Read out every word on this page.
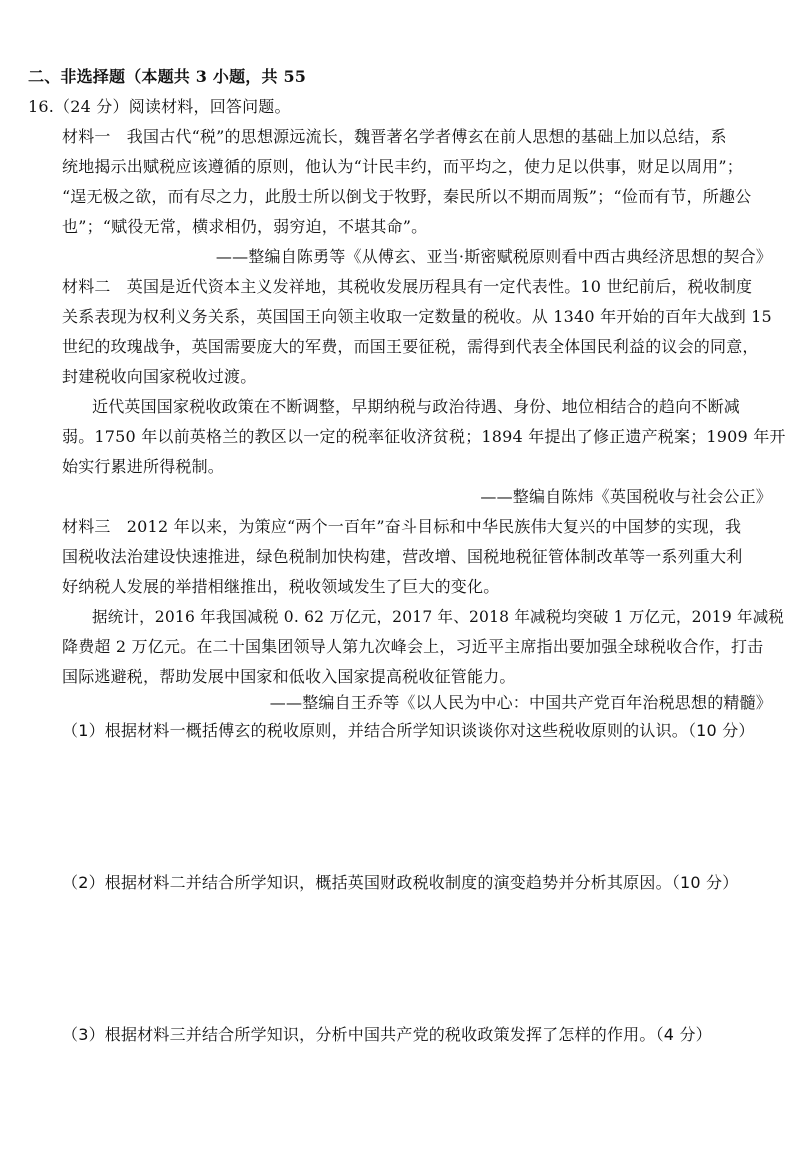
二、非选择题（本题共 3 小题，共 55

16.（24 分）阅读材料，回答问题。

材料一　我国古代“税”的思想源远流长，魏晋著名学者傅玄在前人思想的基础上加以总结，系

统地揭示出赋税应该遵循的原则，他认为“计民丰约，而平均之，使力足以供事，财足以周用”；

“逞无极之欲，而有尽之力，此殷士所以倒戈于牧野，秦民所以不期而周叛”；“俭而有节，所趣公

也”；“赋役无常，横求相仍，弱穷迫，不堪其命”。

——整编自陈勇等《从傅玄、亚当·斯密赋税原则看中西古典经济思想的契合》

材料二　英国是近代资本主义发祥地，其税收发展历程具有一定代表性。10 世纪前后，税收制度

关系表现为权利义务关系，英国国王向领主收取一定数量的税收。从 1340 年开始的百年大战到 15

世纪的玫瑰战争，英国需要庞大的军费，而国王要征税，需得到代表全体国民利益的议会的同意，

封建税收向国家税收过渡。

近代英国国家税收政策在不断调整，早期纳税与政治待遇、身份、地位相结合的趋向不断减

弱。1750 年以前英格兰的教区以一定的税率征收济贫税；1894 年提出了修正遗产税案；1909 年开

始实行累进所得税制。

——整编自陈炜《英国税收与社会公正》

材料三　2012 年以来，为策应“两个一百年”奋斗目标和中华民族伟大复兴的中国梦的实现，我

国税收法治建设快速推进，绿色税制加快构建，营改增、国税地税征管体制改革等一系列重大利

好纳税人发展的举措相继推出，税收领域发生了巨大的变化。

据统计，2016 年我国减税 0. 62 万亿元，2017 年、2018 年减税均突破 1 万亿元，2019 年减税

降费超 2 万亿元。在二十国集团领导人第九次峰会上，习近平主席指出要加强全球税收合作，打击

国际逃避税，帮助发展中国家和低收入国家提高税收征管能力。

——整编自王乔等《以人民为中心：中国共产党百年治税思想的精髓》

（1）根据材料一概括傅玄的税收原则，并结合所学知识谈谈你对这些税收原则的认识。（10 分）

（2）根据材料二并结合所学知识，概括英国财政税收制度的演变趋势并分析其原因。（10 分）

（3）根据材料三并结合所学知识，分析中国共产党的税收政策发挥了怎样的作用。（4 分）
